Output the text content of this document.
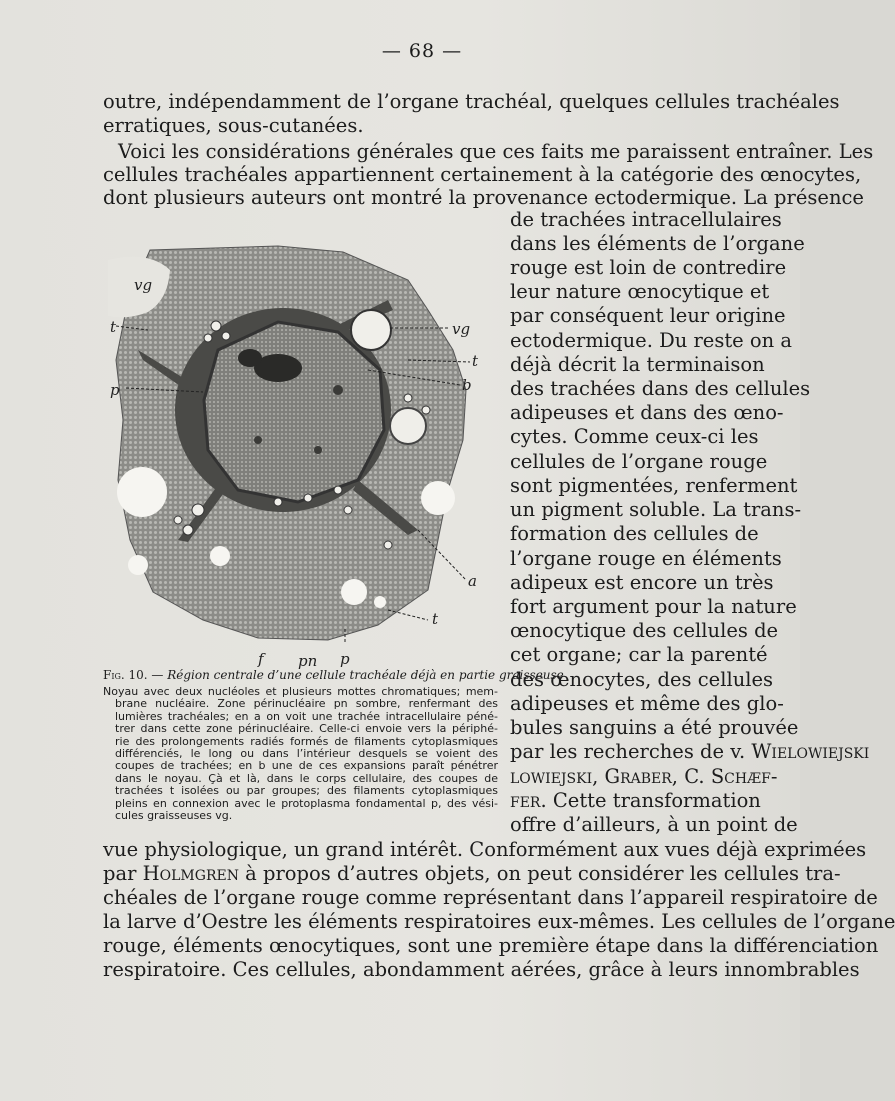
— 68 —
outre, indépendamment de l’organe trachéal, quelques cellules trachéales
erratiques, sous-cutanées.
Voici les considérations générales que ces faits me paraissent entraîner. Les
cellules trachéales appartiennent certainement à la catégorie des œnocytes,
dont plusieurs auteurs ont montré la provenance ectodermique. La présence
de trachées intracellulaires
dans les éléments de l’organe
rouge est loin de contredire
leur nature œnocytique et
par conséquent leur origine
ectodermique. Du reste on a
déjà décrit la terminaison
des trachées dans des cellules
adipeuses et dans des œno-
cytes. Comme ceux-ci les
cellules de l’organe rouge
sont pigmentées, renferment
un pigment soluble. La trans-
formation des cellules de
l’organe rouge en éléments
adipeux est encore un très
fort argument pour la nature
œnocytique des cellules de
cet organe; car la parenté
des œnocytes, des cellules
adipeuses et même des glo-
bules sanguins a été prouvée
par les recherches de v. Wielowiejski
lowiejski, Graber, C. Schæf-
fer. Cette transformation
offre d’ailleurs, à un point de
vue physiologique, un grand intérêt. Conformément aux vues déjà exprimées
par Holmgren à propos d’autres objets, on peut considérer les cellules tra-
chéales de l’organe rouge comme représentant dans l’appareil respiratoire de
la larve d’Oestre les éléments respiratoires eux-mêmes. Les cellules de l’organe
rouge, éléments œnocytiques, sont une première étape dans la différenciation
respiratoire. Ces cellules, abondamment aérées, grâce à leurs innombrables
vg
t
p
vg
t
b
a
t
f pn p
Fig. 10. — Région centrale d’une cellule trachéale déjà en partie graisseuse
Noyau avec deux nucléoles et plusieurs mottes chromatiques; mem-
brane nucléaire. Zone périnucléaire pn sombre, renfermant des
lumières trachéales; en a on voit une trachée intracellulaire péné-
trer dans cette zone périnucléaire. Celle-ci envoie vers la périphé-
rie des prolongements radiés formés de filaments cytoplasmiques
différenciés, le long ou dans l’intérieur desquels se voient des
coupes de trachées; en b une de ces expansions paraît pénétrer
dans le noyau. Çà et là, dans le corps cellulaire, des coupes de
trachées t isolées ou par groupes; des filaments cytoplasmiques
pleins en connexion avec le protoplasma fondamental p, des vési-
cules graisseuses vg.
